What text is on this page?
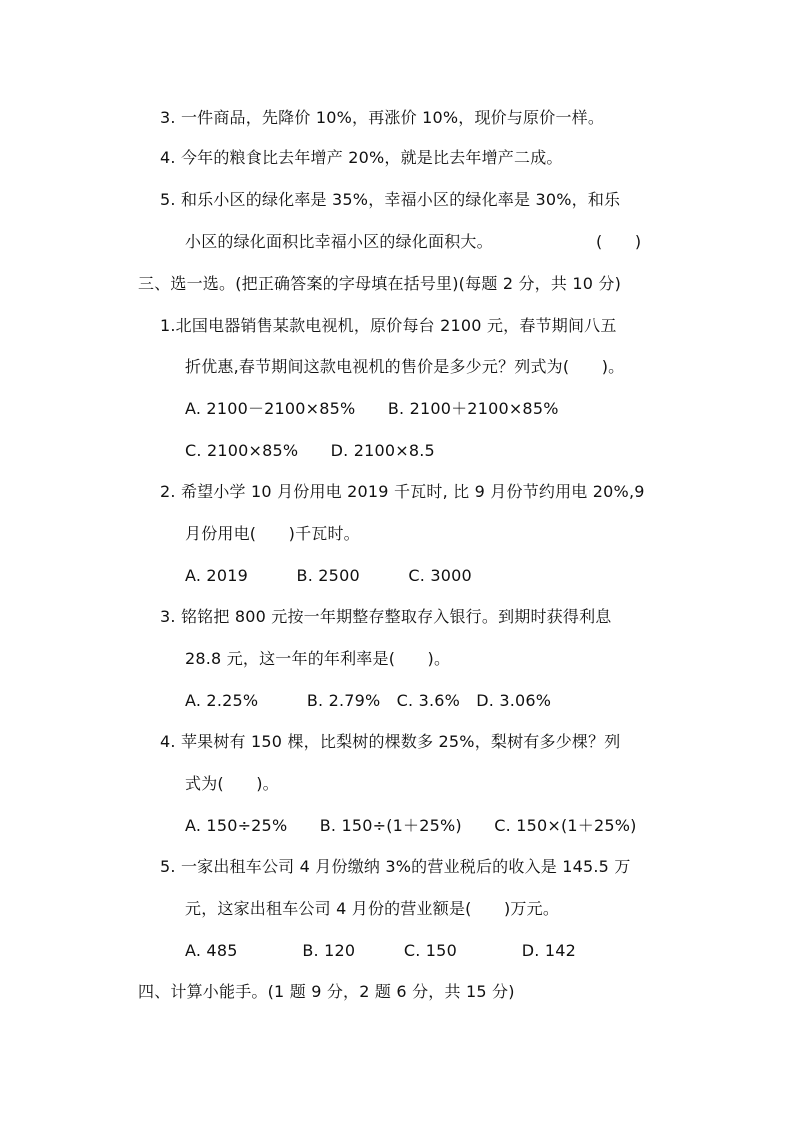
3. 一件商品，先降价 10%，再涨价 10%，现价与原价一样。
4. 今年的粮食比去年增产 20%，就是比去年增产二成。
5. 和乐小区的绿化率是 35%，幸福小区的绿化率是 30%，和乐
小区的绿化面积比幸福小区的绿化面积大。	(　　)
三、选一选。(把正确答案的字母填在括号里)(每题 2 分，共 10 分)
1.北国电器销售某款电视机，原价每台 2100 元，春节期间八五
折优惠,春节期间这款电视机的售价是多少元？列式为(　　)。
A. 2100－2100×85%　　B. 2100＋2100×85%
C. 2100×85%　　D. 2100×8.5
2. 希望小学 10 月份用电 2019 千瓦时, 比 9 月份节约用电 20%,9
月份用电(　　)千瓦时。
A. 2019　　　B. 2500　　　C. 3000
3. 铭铭把 800 元按一年期整存整取存入银行。到期时获得利息
28.8 元，这一年的年利率是(　　)。
A. 2.25%　　　B. 2.79%　C. 3.6%　D. 3.06%
4. 苹果树有 150 棵，比梨树的棵数多 25%，梨树有多少棵？列
式为(　　)。
A. 150÷25%　　B. 150÷(1＋25%)　　C. 150×(1＋25%)
5. 一家出租车公司 4 月份缴纳 3%的营业税后的收入是 145.5 万
元，这家出租车公司 4 月份的营业额是(　　)万元。
A. 485　　　　B. 120　　　C. 150　　　　D. 142
四、计算小能手。(1 题 9 分，2 题 6 分，共 15 分)
